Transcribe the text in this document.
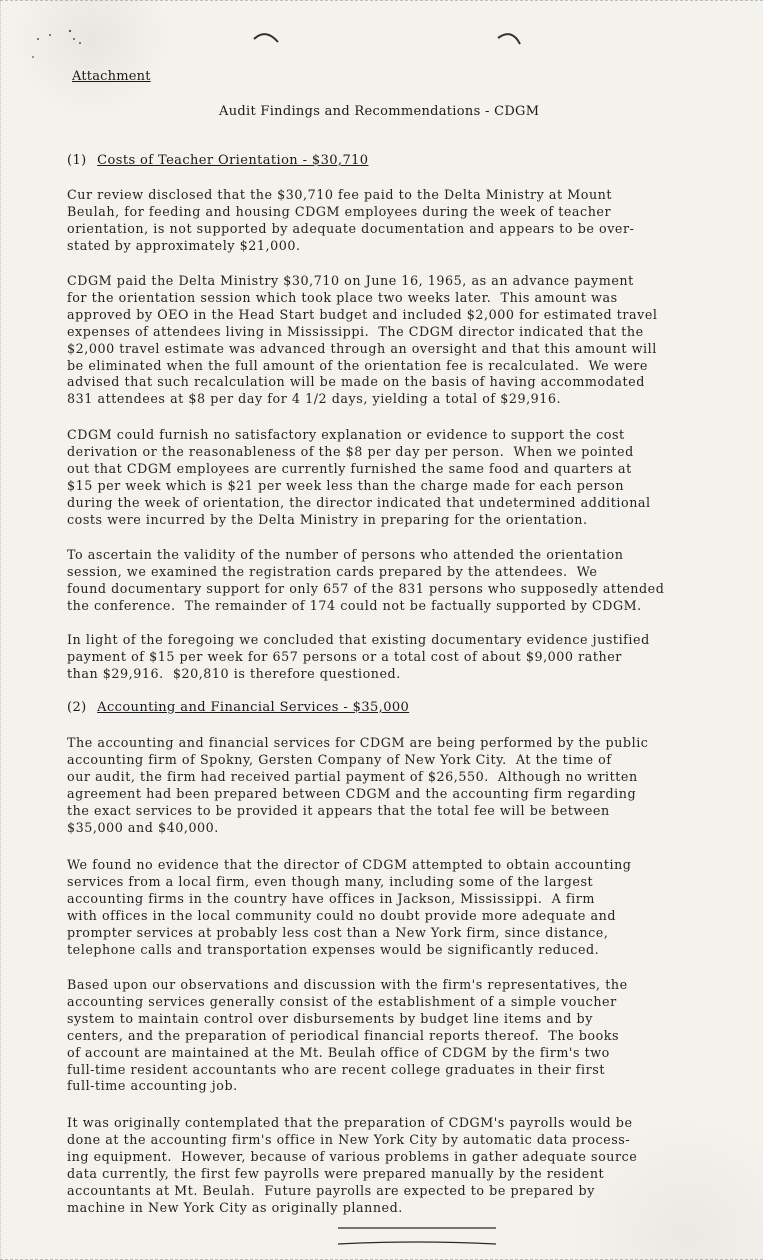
Attachment
Audit Findings and Recommendations - CDGM
(1) Costs of Teacher Orientation - $30,710
Cur review disclosed that the $30,710 fee paid to the Delta Ministry at Mount
Beulah, for feeding and housing CDGM employees during the week of teacher
orientation, is not supported by adequate documentation and appears to be over-
stated by approximately $21,000.
CDGM paid the Delta Ministry $30,710 on June 16, 1965, as an advance payment
for the orientation session which took place two weeks later.  This amount was
approved by OEO in the Head Start budget and included $2,000 for estimated travel
expenses of attendees living in Mississippi.  The CDGM director indicated that the
$2,000 travel estimate was advanced through an oversight and that this amount will
be eliminated when the full amount of the orientation fee is recalculated.  We were
advised that such recalculation will be made on the basis of having accommodated
831 attendees at $8 per day for 4 1/2 days, yielding a total of $29,916.
CDGM could furnish no satisfactory explanation or evidence to support the cost
derivation or the reasonableness of the $8 per day per person.  When we pointed
out that CDGM employees are currently furnished the same food and quarters at
$15 per week which is $21 per week less than the charge made for each person
during the week of orientation, the director indicated that undetermined additional
costs were incurred by the Delta Ministry in preparing for the orientation.
To ascertain the validity of the number of persons who attended the orientation
session, we examined the registration cards prepared by the attendees.  We
found documentary support for only 657 of the 831 persons who supposedly attended
the conference.  The remainder of 174 could not be factually supported by CDGM.
In light of the foregoing we concluded that existing documentary evidence justified
payment of $15 per week for 657 persons or a total cost of about $9,000 rather
than $29,916.  $20,810 is therefore questioned.
(2) Accounting and Financial Services - $35,000
The accounting and financial services for CDGM are being performed by the public
accounting firm of Spokny, Gersten Company of New York City.  At the time of
our audit, the firm had received partial payment of $26,550.  Although no written
agreement had been prepared between CDGM and the accounting firm regarding
the exact services to be provided it appears that the total fee will be between
$35,000 and $40,000.
We found no evidence that the director of CDGM attempted to obtain accounting
services from a local firm, even though many, including some of the largest
accounting firms in the country have offices in Jackson, Mississippi.  A firm
with offices in the local community could no doubt provide more adequate and
prompter services at probably less cost than a New York firm, since distance,
telephone calls and transportation expenses would be significantly reduced.
Based upon our observations and discussion with the firm's representatives, the
accounting services generally consist of the establishment of a simple voucher
system to maintain control over disbursements by budget line items and by
centers, and the preparation of periodical financial reports thereof.  The books
of account are maintained at the Mt. Beulah office of CDGM by the firm's two
full-time resident accountants who are recent college graduates in their first
full-time accounting job.
It was originally contemplated that the preparation of CDGM's payrolls would be
done at the accounting firm's office in New York City by automatic data process-
ing equipment.  However, because of various problems in gather adequate source
data currently, the first few payrolls were prepared manually by the resident
accountants at Mt. Beulah.  Future payrolls are expected to be prepared by
machine in New York City as originally planned.
